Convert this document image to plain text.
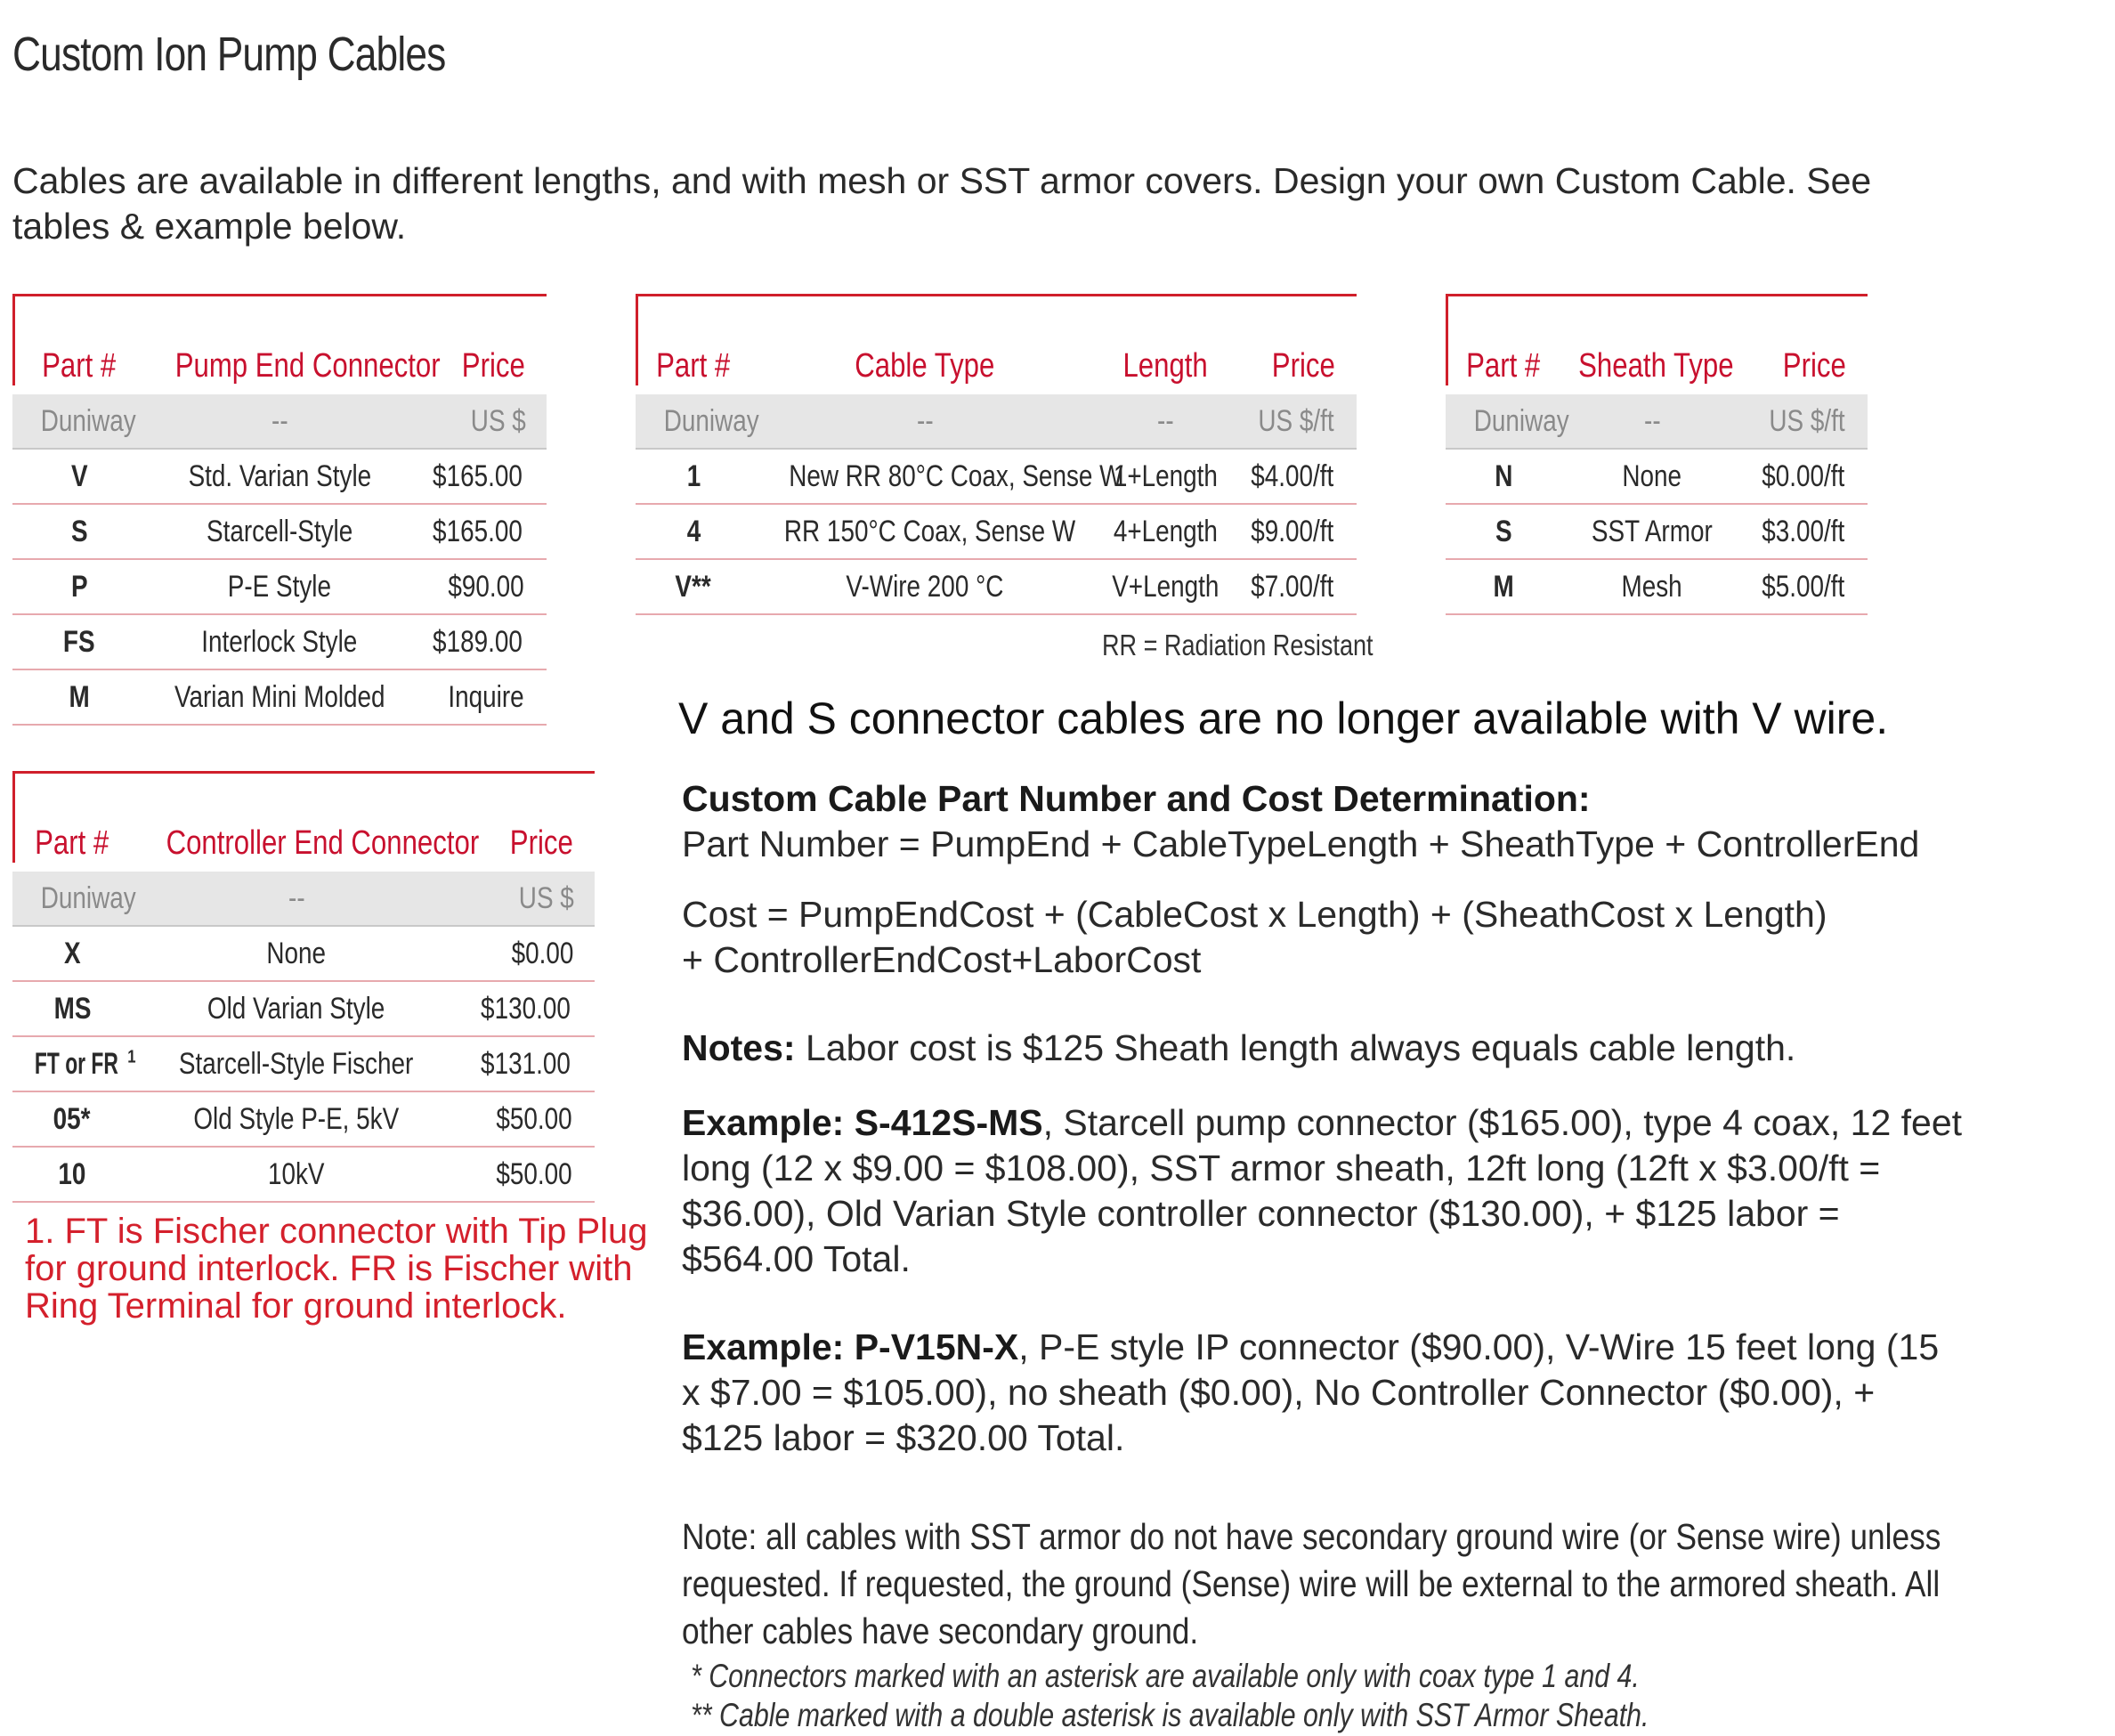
Custom Ion Pump Cables
Cables are available in different lengths, and with mesh or SST armor covers. Design your own Custom Cable. See tables & example below.
Part #	Pump End Connector	Price
Duniway	--	US $
V	Std. Varian Style	$165.00
S	Starcell-Style	$165.00
P	P-E Style	$90.00
FS	Interlock Style	$189.00
M	Varian Mini Molded	Inquire
Part #	Cable Type	Length	Price
Duniway	--	--	US $/ft
1	New RR 80°C Coax, Sense W	1+Length	$4.00/ft
4	RR 150°C Coax, Sense W	4+Length	$9.00/ft
V**	V-Wire 200 °C	V+Length	$7.00/ft
RR = Radiation Resistant
Part #	Sheath Type	Price
Duniway	--	US $/ft
N	None	$0.00/ft
S	SST Armor	$3.00/ft
M	Mesh	$5.00/ft
Part #	Controller End Connector	Price
Duniway	--	US $
X	None	$0.00
MS	Old Varian Style	$130.00
FT or FR $^1$	Starcell-Style Fischer	$131.00
05*	Old Style P-E, 5kV	$50.00
10	10kV	$50.00
V and S connector cables are no longer available with V wire.
1. FT is Fischer connector with Tip Plug for ground interlock. FR is Fischer with Ring Terminal for ground interlock.
Custom Cable Part Number and Cost Determination:
Part Number = PumpEnd + CableTypeLength + SheathType + ControllerEnd
Cost = PumpEndCost + (CableCost x Length) + (SheathCost x Length)
+ ControllerEndCost+LaborCost
Notes: Labor cost is $125 Sheath length always equals cable length.
Example: S-412S-MS, Starcell pump connector ($165.00), type 4 coax, 12 feet long (12 x $9.00 = $108.00), SST armor sheath, 12ft long (12ft x $3.00/ft = $36.00), Old Varian Style controller connector ($130.00), + $125 labor = $564.00 Total.
Example: P-V15N-X, P-E style IP connector ($90.00), V-Wire 15 feet long (15 x $7.00 = $105.00), no sheath ($0.00), No Controller Connector ($0.00), + $125 labor = $320.00 Total.
Note: all cables with SST armor do not have secondary ground wire (or Sense wire) unless requested. If requested, the ground (Sense) wire will be external to the armored sheath. All other cables have secondary ground.
* Connectors marked with an asterisk are available only with coax type 1 and 4.
** Cable marked with a double asterisk is available only with SST Armor Sheath.
